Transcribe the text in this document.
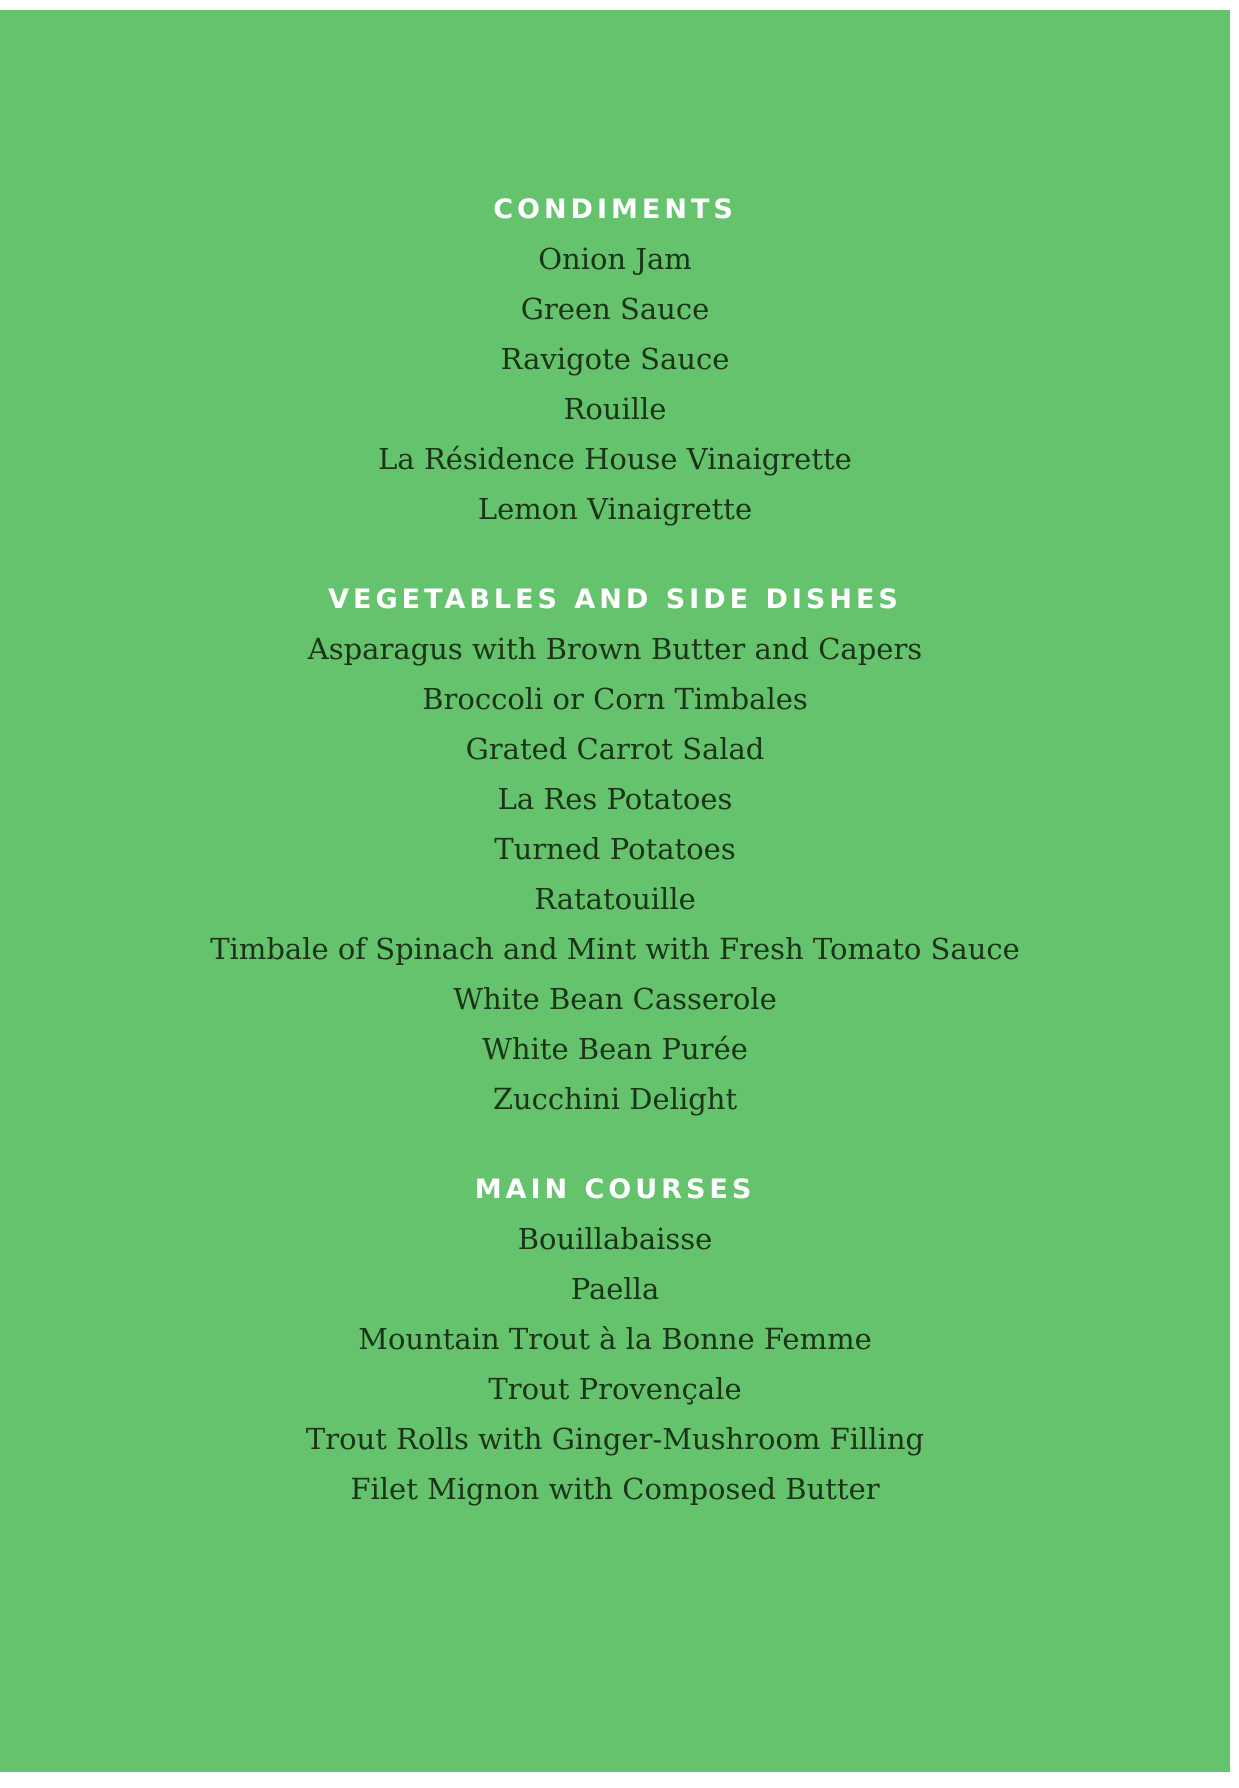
CONDIMENTS
Onion Jam
Green Sauce
Ravigote Sauce
Rouille
La Résidence House Vinaigrette
Lemon Vinaigrette
VEGETABLES AND SIDE DISHES
Asparagus with Brown Butter and Capers
Broccoli or Corn Timbales
Grated Carrot Salad
La Res Potatoes
Turned Potatoes
Ratatouille
Timbale of Spinach and Mint with Fresh Tomato Sauce
White Bean Casserole
White Bean Purée
Zucchini Delight
MAIN COURSES
Bouillabaisse
Paella
Mountain Trout à la Bonne Femme
Trout Provençale
Trout Rolls with Ginger-Mushroom Filling
Filet Mignon with Composed Butter
